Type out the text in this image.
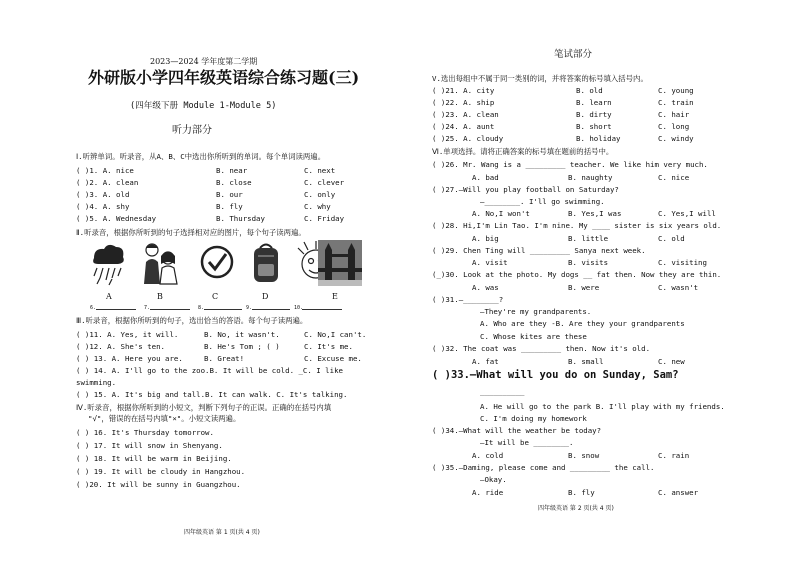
2023—2024 学年度第二学期
外研版小学四年级英语综合练习题(三)
(四年级下册 Module 1-Module 5)
听力部分
Ⅰ.听辨单词。听录音，从A、B、C中选出你所听到的单词。每个单词读两遍。
( )1. A. nice	B. near	C. next
( )2. A. clean	B. close	C. clever
( )3. A. old	B. our	C. only
( )4. A. shy	B. fly	C. why
( )5. A. Wednesday	B. Thursday	C. Friday
Ⅱ.听录音，根据你所听到的句子选择相对应的图片，每个句子读两遍。
A	B	C	D	E
6.	7.	8.	9.	10.
Ⅲ.听录音，根据你所听到的句子，选出恰当的答语。每个句子读两遍。
( )11. A. Yes, it will.	B. No, it wasn't.	C. No,I can't.
( )12. A. She's ten.	B. He's Tom ; ( )	C. It's me.
( ) 13. A. Here you are.	B. Great!	C. Excuse me.
( ) 14. A. I'll go to the zoo.B. It will be cold. _C. I like
swimming.
( ) 15. A. It's big and tall.B. It can walk. C. It's talking.
Ⅳ.听录音，根据你所听到的小短文，判断下列句子的正误。正确的在括号内填
"√"，错误的在括号内填"×"。小短文读两遍。
( ) 16. It's Thursday tomorrow.
( ) 17. It will snow in Shenyang.
( ) 18. It will be warm in Beijing.
( ) 19. It will be cloudy in Hangzhou.
( )20. It will be sunny in Guangzhou.
四年级英语 第 1 页(共 4 页)
笔试部分
V.选出每组中不属于同一类别的词，并将答案的标号填入括号内。
( )21. A. city	B. old	C. young
( )22. A. ship	B. learn	C. train
( )23. A. clean	B. dirty	C. hair
( )24. A. aunt	B. short	C. long
( )25. A. cloudy	B. holiday	C. windy
Ⅵ.单项选择。请将正确答案的标号填在题前的括号中。
( )26. Mr. Wang is a _________ teacher. We like him very much.
A. bad	B. naughty	C. nice
( )27.—Will you play football on Saturday?
—________. I'll go swimming.
A. No,I won't	B. Yes,I was	C. Yes,I will
( )28. Hi,I'm Lin Tao. I'm nine. My ____ sister is six years old.
A. big	B. little	C. old
( )29. Chen Ting will _________ Sanya next week.
A. visit	B. visits	C. visiting
(_)30. Look at the photo. My dogs __ fat then. Now they are thin.
A. was	B. were	C. wasn't
( )31.—________?
—They're my grandparents.
A. Who are they -B. Are they your grandparents
C. Whose kites are these
( )32. The coat was _________ then. Now it's old.
A. fat	B. small	C. new
( )33.—What will you do on Sunday, Sam?
__________
A. He will go to the park B. I'll play with my friends.
C. I'm doing my homework
( )34.—What will the weather be today?
—It will be ________.
A. cold	B. snow	C. rain
( )35.—Daming, please come and _________ the call.
—Okay.
A. ride	B. fly	C. answer
四年级英语 第 2 页(共 4 页)
